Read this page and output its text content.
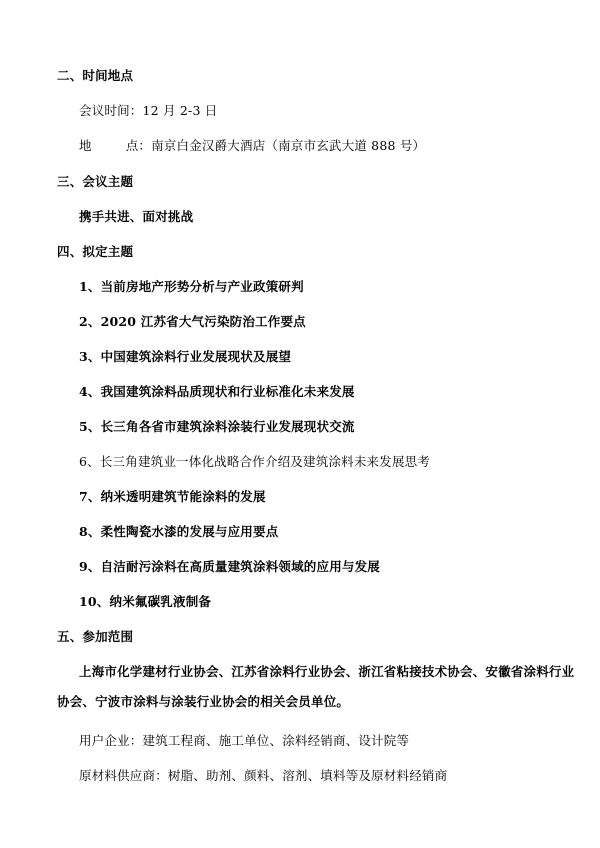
二、时间地点
会议时间：12 月 2-3 日
地	点：南京白金汉爵大酒店（南京市玄武大道 888 号）
三、会议主题
携手共进、面对挑战
四、拟定主题
1、当前房地产形势分析与产业政策研判
2、2020 江苏省大气污染防治工作要点
3、中国建筑涂料行业发展现状及展望
4、我国建筑涂料品质现状和行业标准化未来发展
5、长三角各省市建筑涂料涂装行业发展现状交流
6、长三角建筑业一体化战略合作介绍及建筑涂料未来发展思考
7、纳米透明建筑节能涂料的发展
8、柔性陶瓷水漆的发展与应用要点
9、自洁耐污涂料在高质量建筑涂料领域的应用与发展
10、纳米氟碳乳液制备
五、参加范围
上海市化学建材行业协会、江苏省涂料行业协会、浙江省粘接技术协会、安徽省涂料行业
协会、宁波市涂料与涂装行业协会的相关会员单位。
用户企业：建筑工程商、施工单位、涂料经销商、设计院等
原材料供应商：树脂、助剂、颜料、溶剂、填料等及原材料经销商
